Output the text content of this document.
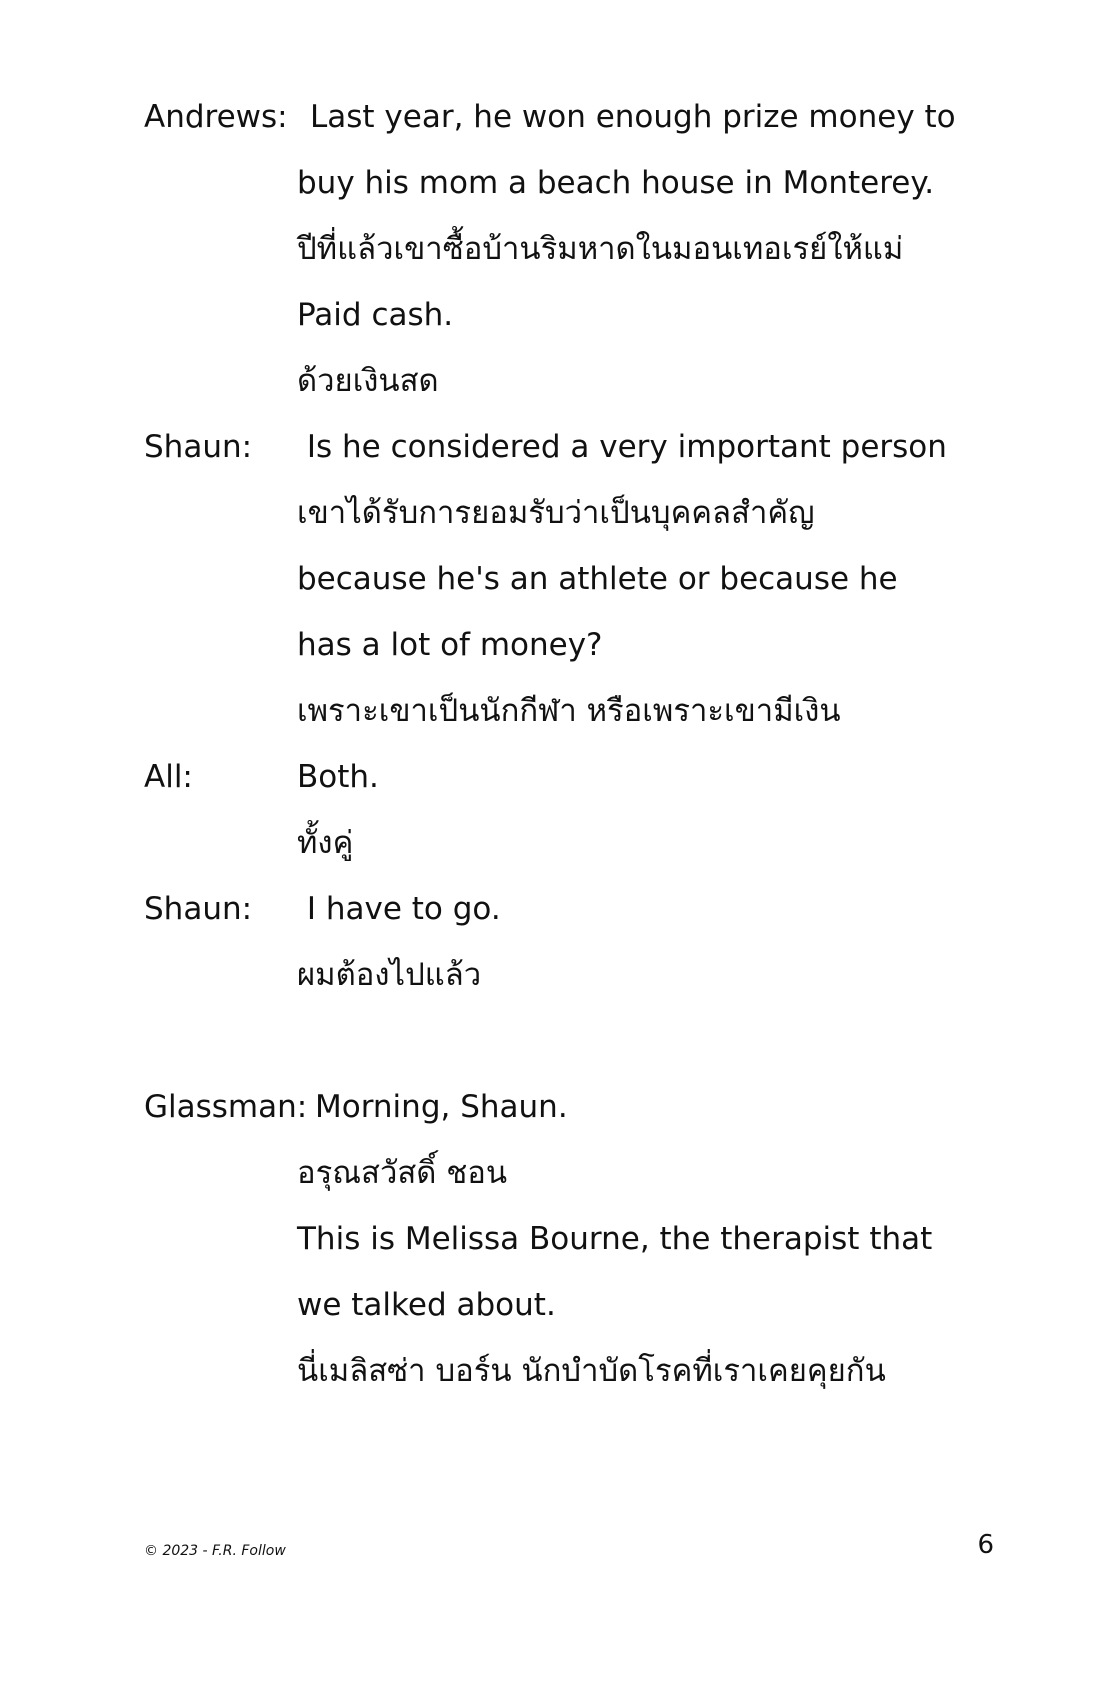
Andrews: Last year, he won enough prize money to
buy his mom a beach house in Monterey.
ปีที่แล้วเขาซื้อบ้านริมหาดในมอนเทอเรย์ให้แม่
Paid cash.
ด้วยเงินสด
Shaun: Is he considered a very important person
เขาได้รับการยอมรับว่าเป็นบุคคลสำคัญ
because he's an athlete or because he
has a lot of money?
เพราะเขาเป็นนักกีฬา หรือเพราะเขามีเงิน
All:	Both.
ทั้งคู่
Shaun: I have to go.
ผมต้องไปแล้ว
Glassman: Morning, Shaun.
อรุณสวัสดิ์ ชอน
This is Melissa Bourne, the therapist that
we talked about.
นี่เมลิสซ่า บอร์น นักบำบัดโรคที่เราเคยคุยกัน
© 2023 - F.R. Follow	6
